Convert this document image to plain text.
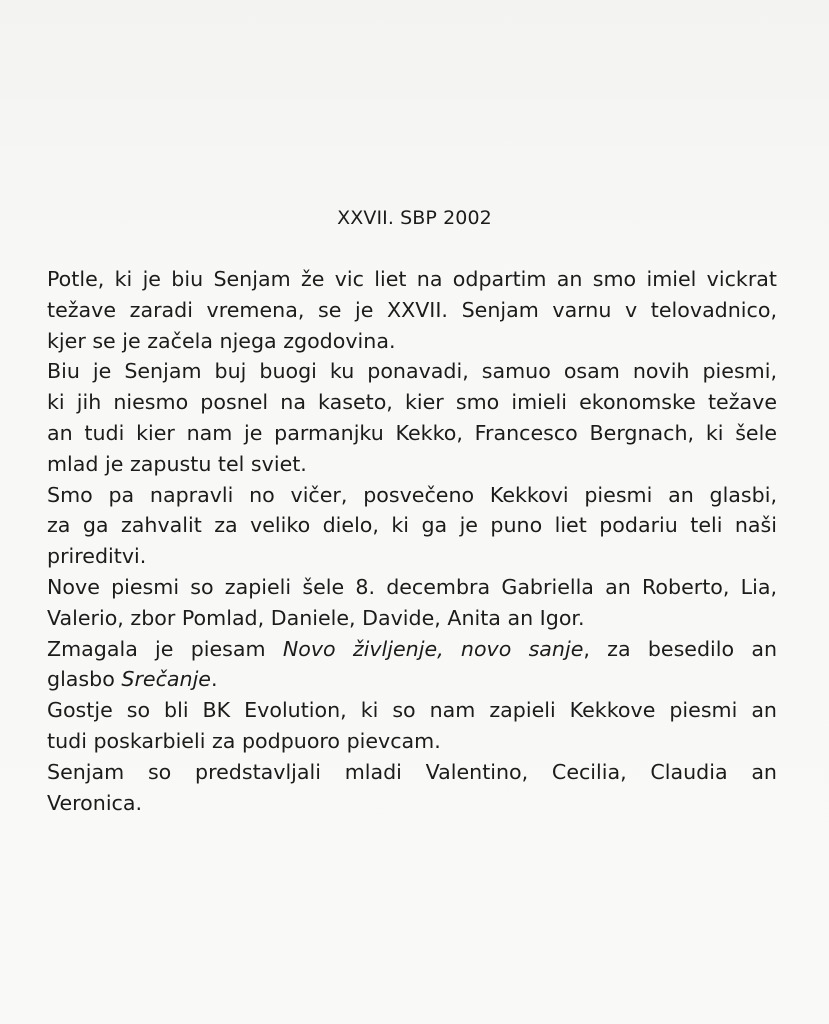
XXVII. SBP 2002

Potle, ki je biu Senjam že vic liet na odpartim an smo imiel vickrat
težave zaradi vremena, se je XXVII. Senjam varnu v telovadnico,
kjer se je začela njega zgodovina.

Biu je Senjam buj buogi ku ponavadi, samuo osam novih piesmi,
ki jih niesmo posnel na kaseto, kier smo imieli ekonomske težave
an tudi kier nam je parmanjku Kekko, Francesco Bergnach, ki šele
mlad je zapustu tel sviet.

Smo pa napravli no vičer, posvečeno Kekkovi piesmi an glasbi,
za ga zahvalit za veliko dielo, ki ga je puno liet podariu teli naši
prireditvi.

Nove piesmi so zapieli šele 8. decembra Gabriella an Roberto, Lia,
Valerio, zbor Pomlad, Daniele, Davide, Anita an Igor.

Zmagala je piesam Novo življenje, novo sanje, za besedilo an
glasbo Srečanje.

Gostje so bli BK Evolution, ki so nam zapieli Kekkove piesmi an
tudi poskarbieli za podpuoro pievcam.

Senjam so predstavljali mladi Valentino, Cecilia, Claudia an
Veronica.
